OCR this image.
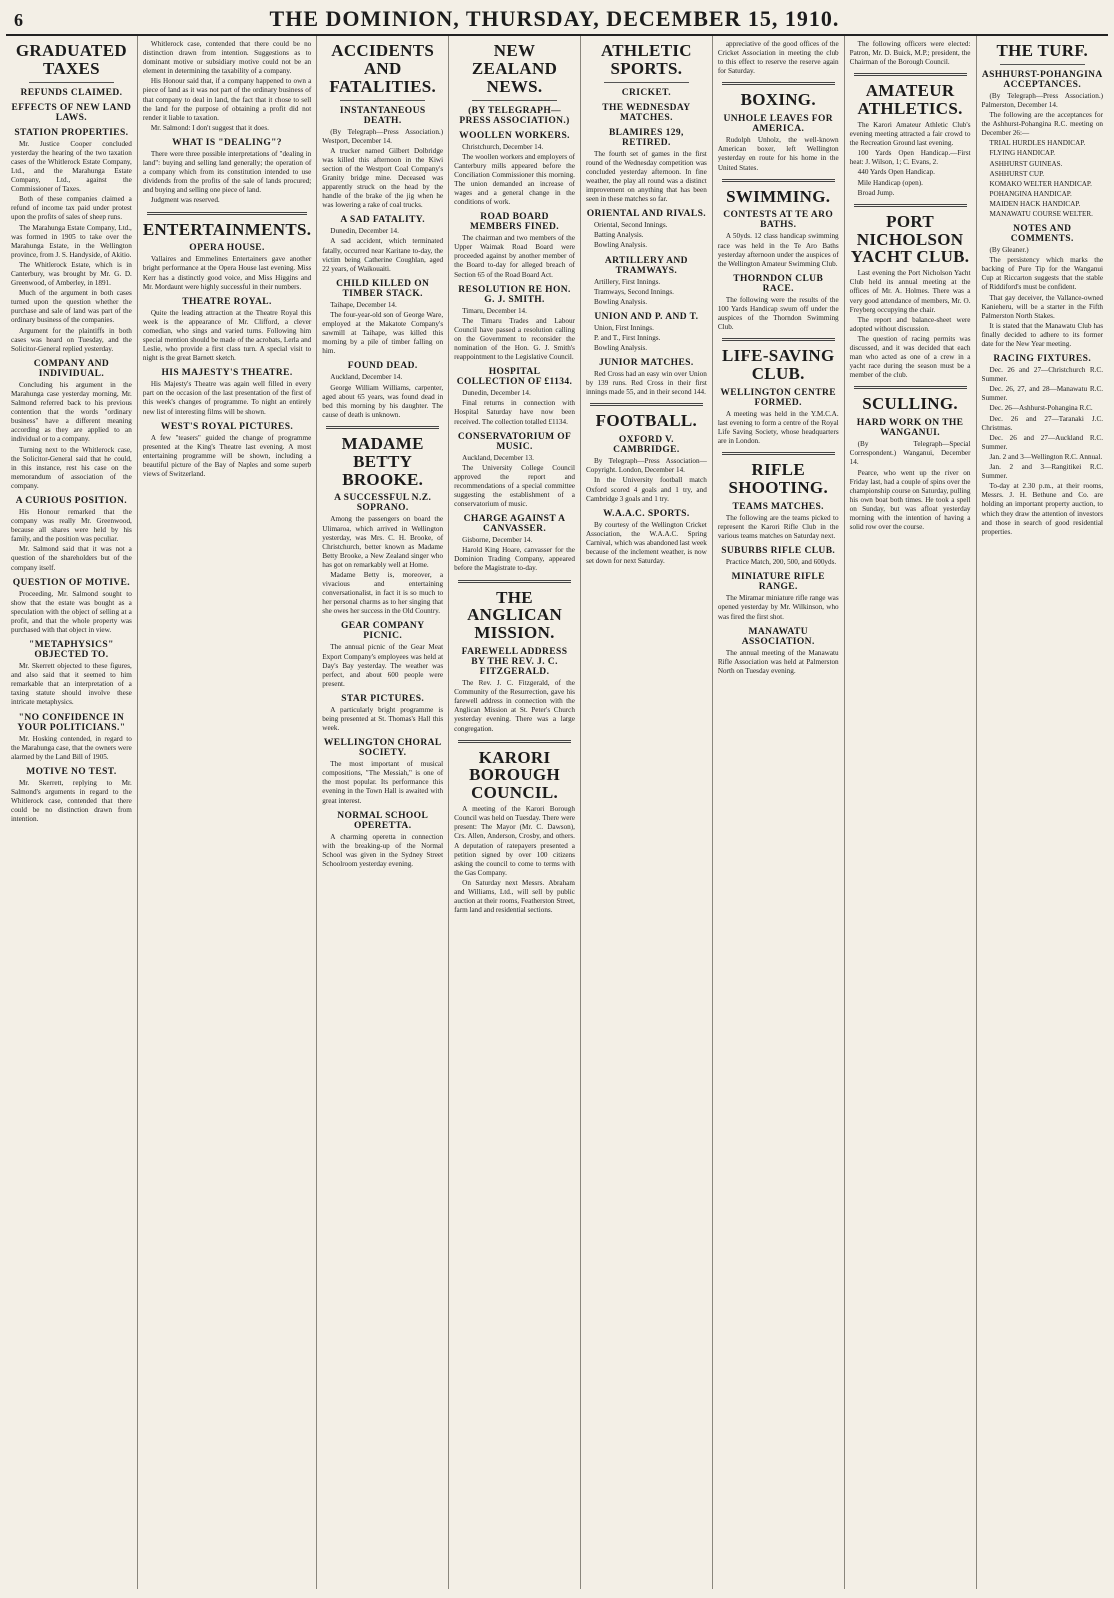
6	THE DOMINION, THURSDAY, DECEMBER 15, 1910.
GRADUATED TAXES
REFUNDS CLAIMED.
EFFECTS OF NEW LAND LAWS.
STATION PROPERTIES.

Mr. Justice Cooper concluded yesterday the hearing of the two taxation cases of the Whitlerock Estate Company, Ltd., and the Marahunga Estate Company, Ltd., against the Commissioner of Taxes.

Both of these companies claimed a refund of income tax paid under protest upon the profits of sales of sheep runs.

The Marahunga Estate Company, Ltd., was formed in 1905 to take over the Marahunga Estate, in the Wellington province, from J. S. Handyside, of Akitio.

The Whitlerock Estate, which is in Canterbury, was brought by Mr. G. D. Greenwood, of Amberley, in 1891.

Much of the argument in both cases turned upon the question whether the purchase and sale of land was part of the ordinary business of the companies.

Argument for the plaintiffs in both cases was heard on Tuesday, and the Solicitor-General replied yesterday.

COMPANY AND INDIVIDUAL.

Concluding his argument in the Marahunga case yesterday morning, Mr. Salmond referred back to his previous contention that the words "ordinary business" have a different meaning according as they are applied to an individual or to a company.

Turning next to the Whitlerock case, the Solicitor-General said that he could, in this instance, rest his case on the memorandum of association of the company.

A CURIOUS POSITION.

His Honour remarked that the company was really Mr. Greenwood, because all shares were held by his family, and the position was peculiar.

Mr. Salmond said that it was not a question of the shareholders but of the company itself.

QUESTION OF MOTIVE.

Proceeding, Mr. Salmond sought to show that the estate was bought as a speculation with the object of selling at a profit, and that the whole property was purchased with that object in view.

"METAPHYSICS" OBJECTED TO.

Mr. Skerrett objected to these figures, and also said that it seemed to him remarkable that an interpretation of a taxing statute should involve these intricate metaphysics.

"NO CONFIDENCE IN YOUR POLITICIANS."

Mr. Hosking contended, in regard to the Marahunga case, that the owners were alarmed by the Land Bill of 1905.

MOTIVE NO TEST.

Mr. Skerrett, replying to Mr. Salmond's arguments in regard to the Whitlerock case, contended that there could be no distinction drawn from intention.

Whitlerock case, contended that there could be no distinction drawn from intention. Suggestions as to dominant motive or subsidiary motive could not be an element in determining the taxability of a company.

His Honour said that, if a company happened to own a piece of land as it was not part of the ordinary business of that company to deal in land, the fact that it chose to sell the land for the purpose of obtaining a profit did not render it liable to taxation.

Mr. Salmond: I don't suggest that it does.

WHAT IS "DEALING"?

There were three possible interpretations of "dealing in land": buying and selling land generally; the operation of a company which from its constitution intended to use dividends from the profits of the sale of lands procured; and buying and selling one piece of land.

Judgment was reserved.

ENTERTAINMENTS.
OPERA HOUSE.

Vallaires and Emmelines Entertainers gave another bright performance at the Opera House last evening. Miss Kerr has a distinctly good voice, and Miss Higgins and Mr. Mordaunt were highly successful in their numbers.

THEATRE ROYAL.

Quite the leading attraction at the Theatre Royal this week is the appearance of Mr. Clifford, a clever comedian, who sings and varied turns. Following him special mention should be made of the acrobats, Lerla and Leslie, who provide a first class turn. A special visit to night is the great Barnett sketch.

HIS MAJESTY'S THEATRE.

His Majesty's Theatre was again well filled in every part on the occasion of the last presentation of the first of this week's changes of programme. To night an entirely new list of interesting films will be shown.

WEST'S ROYAL PICTURES.

A few "teasers" guided the change of programme presented at the King's Theatre last evening. A most entertaining programme will be shown, including a beautiful picture of the Bay of Naples and some superb views of Switzerland.

ACCIDENTS AND FATALITIES.
INSTANTANEOUS DEATH.

(By Telegraph—Press Association.) Westport, December 14.

A trucker named Gilbert Dolbridge was killed this afternoon in the Kiwi section of the Westport Coal Company's Granity bridge mine. Deceased was apparently struck on the head by the handle of the brake of the jig when he was lowering a rake of coal trucks.

A SAD FATALITY.

Dunedin, December 14.

A sad accident, which terminated fatally, occurred near Karitane to-day, the victim being Catherine Coughlan, aged 22 years, of Waikouaiti.

CHILD KILLED ON TIMBER STACK.

Taihape, December 14.

The four-year-old son of George Ware, employed at the Makatote Company's sawmill at Taihape, was killed this morning by a pile of timber falling on him.

FOUND DEAD.

Auckland, December 14.

George William Williams, carpenter, aged about 65 years, was found dead in bed this morning by his daughter. The cause of death is unknown.

MADAME BETTY BROOKE.
A SUCCESSFUL N.Z. SOPRANO.

Among the passengers on board the Ulimaroa, which arrived in Wellington yesterday, was Mrs. C. H. Brooke, of Christchurch, better known as Madame Betty Brooke, a New Zealand singer who has got on remarkably well at Home.

Madame Betty is, moreover, a vivacious and entertaining conversationalist, in fact it is so much to her personal charms as to her singing that she owes her success in the Old Country.

GEAR COMPANY PICNIC.

The annual picnic of the Gear Meat Export Company's employees was held at Day's Bay yesterday. The weather was perfect, and about 600 people were present.

STAR PICTURES.

A particularly bright programme is being presented at St. Thomas's Hall this week.

WELLINGTON CHORAL SOCIETY.

The most important of musical compositions, "The Messiah," is one of the most popular. Its performance this evening in the Town Hall is awaited with great interest.

NORMAL SCHOOL OPERETTA.

A charming operetta in connection with the breaking-up of the Normal School was given in the Sydney Street Schoolroom yesterday evening.

NEW ZEALAND NEWS.
(BY TELEGRAPH—PRESS ASSOCIATION.)
WOOLLEN WORKERS.

Christchurch, December 14.

The woollen workers and employers of Canterbury mills appeared before the Conciliation Commissioner this morning. The union demanded an increase of wages and a general change in the conditions of work.

ROAD BOARD MEMBERS FINED.

The chairman and two members of the Upper Waimak Road Board were proceeded against by another member of the Board to-day for alleged breach of Section 65 of the Road Board Act.

RESOLUTION RE HON. G. J. SMITH.

Timaru, December 14.

The Timaru Trades and Labour Council have passed a resolution calling on the Government to reconsider the nomination of the Hon. G. J. Smith's reappointment to the Legislative Council.

HOSPITAL COLLECTION OF £1134.

Dunedin, December 14.

Final returns in connection with Hospital Saturday have now been received. The collection totalled £1134.

CONSERVATORIUM OF MUSIC.

Auckland, December 13.

The University College Council approved the report and recommendations of a special committee suggesting the establishment of a conservatorium of music.

CHARGE AGAINST A CANVASSER.

Gisborne, December 14.

Harold King Hoare, canvasser for the Dominion Trading Company, appeared before the Magistrate to-day.

THE ANGLICAN MISSION.
FAREWELL ADDRESS BY THE REV. J. C. FITZGERALD.

The Rev. J. C. Fitzgerald, of the Community of the Resurrection, gave his farewell address in connection with the Anglican Mission at St. Peter's Church yesterday evening. There was a large congregation.

KARORI BOROUGH COUNCIL.

A meeting of the Karori Borough Council was held on Tuesday. There were present: The Mayor (Mr. C. Dawson), Crs. Allen, Anderson, Crosby, and others. A deputation of ratepayers presented a petition signed by over 100 citizens asking the council to come to terms with the Gas Company.

On Saturday next Messrs. Abraham and Williams, Ltd., will sell by public auction at their rooms, Featherston Street, farm land and residential sections.

ATHLETIC SPORTS.
CRICKET.
THE WEDNESDAY MATCHES.
BLAMIRES 129, RETIRED.

The fourth set of games in the first round of the Wednesday competition was concluded yesterday afternoon. In fine weather, the play all round was a distinct improvement on anything that has been seen in these matches so far.

ORIENTAL AND RIVALS.

Oriental, Second Innings.

Batting Analysis.

Bowling Analysis.

ARTILLERY AND TRAMWAYS.

Artillery, First Innings.

Tramways, Second Innings.

Bowling Analysis.

UNION AND P. AND T.

Union, First Innings.

P. and T., First Innings.

Bowling Analysis.

JUNIOR MATCHES.

Red Cross had an easy win over Union by 139 runs. Red Cross in their first innings made 55, and in their second 144.

FOOTBALL.
OXFORD V. CAMBRIDGE.

By Telegraph—Press Association—Copyright. London, December 14.

In the University football match Oxford scored 4 goals and 1 try, and Cambridge 3 goals and 1 try.

W.A.A.C. SPORTS.

By courtesy of the Wellington Cricket Association, the W.A.A.C. Spring Carnival, which was abandoned last week because of the inclement weather, is now set down for next Saturday.

appreciative of the good offices of the Cricket Association in meeting the club to this effect to reserve the reserve again for Saturday.

BOXING.
UNHOLE LEAVES FOR AMERICA.

Rudolph Unholz, the well-known American boxer, left Wellington yesterday en route for his home in the United States.

SWIMMING.
CONTESTS AT TE ARO BATHS.

A 50yds. 12 class handicap swimming race was held in the Te Aro Baths yesterday afternoon under the auspices of the Wellington Amateur Swimming Club.

THORNDON CLUB RACE.

The following were the results of the 100 Yards Handicap swum off under the auspices of the Thorndon Swimming Club.

LIFE-SAVING CLUB.
WELLINGTON CENTRE FORMED.

A meeting was held in the Y.M.C.A. last evening to form a centre of the Royal Life Saving Society, whose headquarters are in London.

RIFLE SHOOTING.
TEAMS MATCHES.

The following are the teams picked to represent the Karori Rifle Club in the various teams matches on Saturday next.

SUBURBS RIFLE CLUB.

Practice Match, 200, 500, and 600yds.

MINIATURE RIFLE RANGE.

The Miramar miniature rifle range was opened yesterday by Mr. Wilkinson, who was fired the first shot.

MANAWATU ASSOCIATION.

The annual meeting of the Manawatu Rifle Association was held at Palmerston North on Tuesday evening.

The following officers were elected: Patron, Mr. D. Buick, M.P.; president, the Chairman of the Borough Council.

AMATEUR ATHLETICS.

The Karori Amateur Athletic Club's evening meeting attracted a fair crowd to the Recreation Ground last evening.

100 Yards Open Handicap.—First heat: J. Wilson, 1; C. Evans, 2.

440 Yards Open Handicap.

Mile Handicap (open).

Broad Jump.

PORT NICHOLSON YACHT CLUB.

Last evening the Port Nicholson Yacht Club held its annual meeting at the offices of Mr. A. Holmes. There was a very good attendance of members, Mr. O. Freyberg occupying the chair.

The report and balance-sheet were adopted without discussion.

The question of racing permits was discussed, and it was decided that each man who acted as one of a crew in a yacht race during the season must be a member of the club.

SCULLING.
HARD WORK ON THE WANGANUI.

(By Telegraph—Special Correspondent.) Wanganui, December 14.

Pearce, who went up the river on Friday last, had a couple of spins over the championship course on Saturday, pulling his own boat both times. He took a spell on Sunday, but was afloat yesterday morning with the intention of having a solid row over the course.

THE TURF.
ASHHURST-POHANGINA ACCEPTANCES.

(By Telegraph—Press Association.) Palmerston, December 14.

The following are the acceptances for the Ashhurst-Pohangina R.C. meeting on December 26:—

TRIAL HURDLES HANDICAP.

FLYING HANDICAP.

ASHHURST GUINEAS.

ASHHURST CUP.

KOMAKO WELTER HANDICAP.

POHANGINA HANDICAP.

MAIDEN HACK HANDICAP.

MANAWATU COURSE WELTER.

NOTES AND COMMENTS.

(By Gleaner.)

The persistency which marks the backing of Pure Tip for the Wanganui Cup at Riccarton suggests that the stable of Riddiford's must be confident.

That gay deceiver, the Vallance-owned Kanieheru, will be a starter in the Fifth Palmerston North Stakes.

It is stated that the Manawatu Club has finally decided to adhere to its former date for the New Year meeting.

RACING FIXTURES.

Dec. 26 and 27—Christchurch R.C. Summer.

Dec. 26, 27, and 28—Manawatu R.C. Summer.

Dec. 26—Ashhurst-Pohangina R.C.

Dec. 26 and 27—Taranaki J.C. Christmas.

Dec. 26 and 27—Auckland R.C. Summer.

Jan. 2 and 3—Wellington R.C. Annual.

Jan. 2 and 3—Rangitikei R.C. Summer.

To-day at 2.30 p.m., at their rooms, Messrs. J. H. Bethune and Co. are holding an important property auction, to which they draw the attention of investors and those in search of good residential properties.
